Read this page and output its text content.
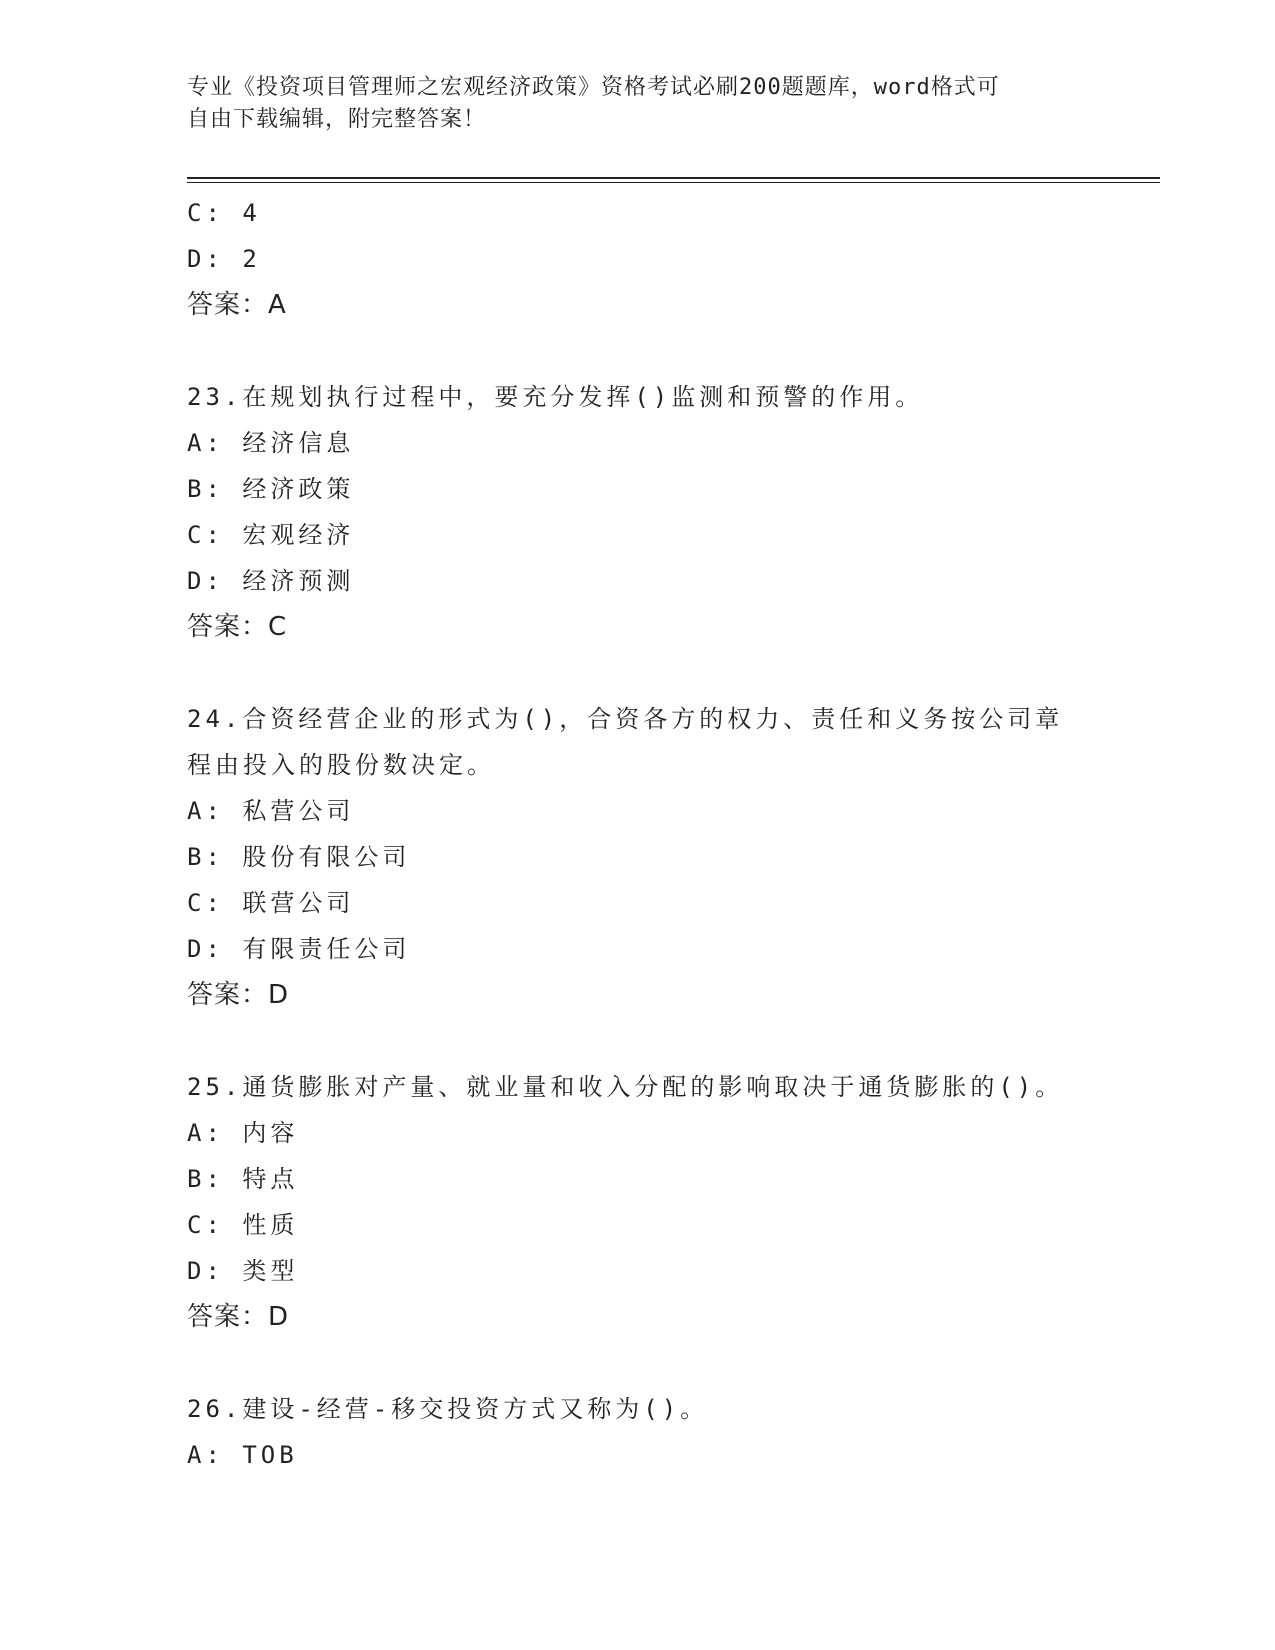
专业《投资项目管理师之宏观经济政策》资格考试必刷200题题库，word格式可
自由下载编辑，附完整答案！
C: 4
D: 2
答案：A
23.在规划执行过程中，要充分发挥()监测和预警的作用。
A: 经济信息
B: 经济政策
C: 宏观经济
D: 经济预测
答案：C
24.合资经营企业的形式为()，合资各方的权力、责任和义务按公司章
程由投入的股份数决定。
A: 私营公司
B: 股份有限公司
C: 联营公司
D: 有限责任公司
答案：D
25.通货膨胀对产量、就业量和收入分配的影响取决于通货膨胀的()。
A: 内容
B: 特点
C: 性质
D: 类型
答案：D
26.建设-经营-移交投资方式又称为()。
A: TOB
